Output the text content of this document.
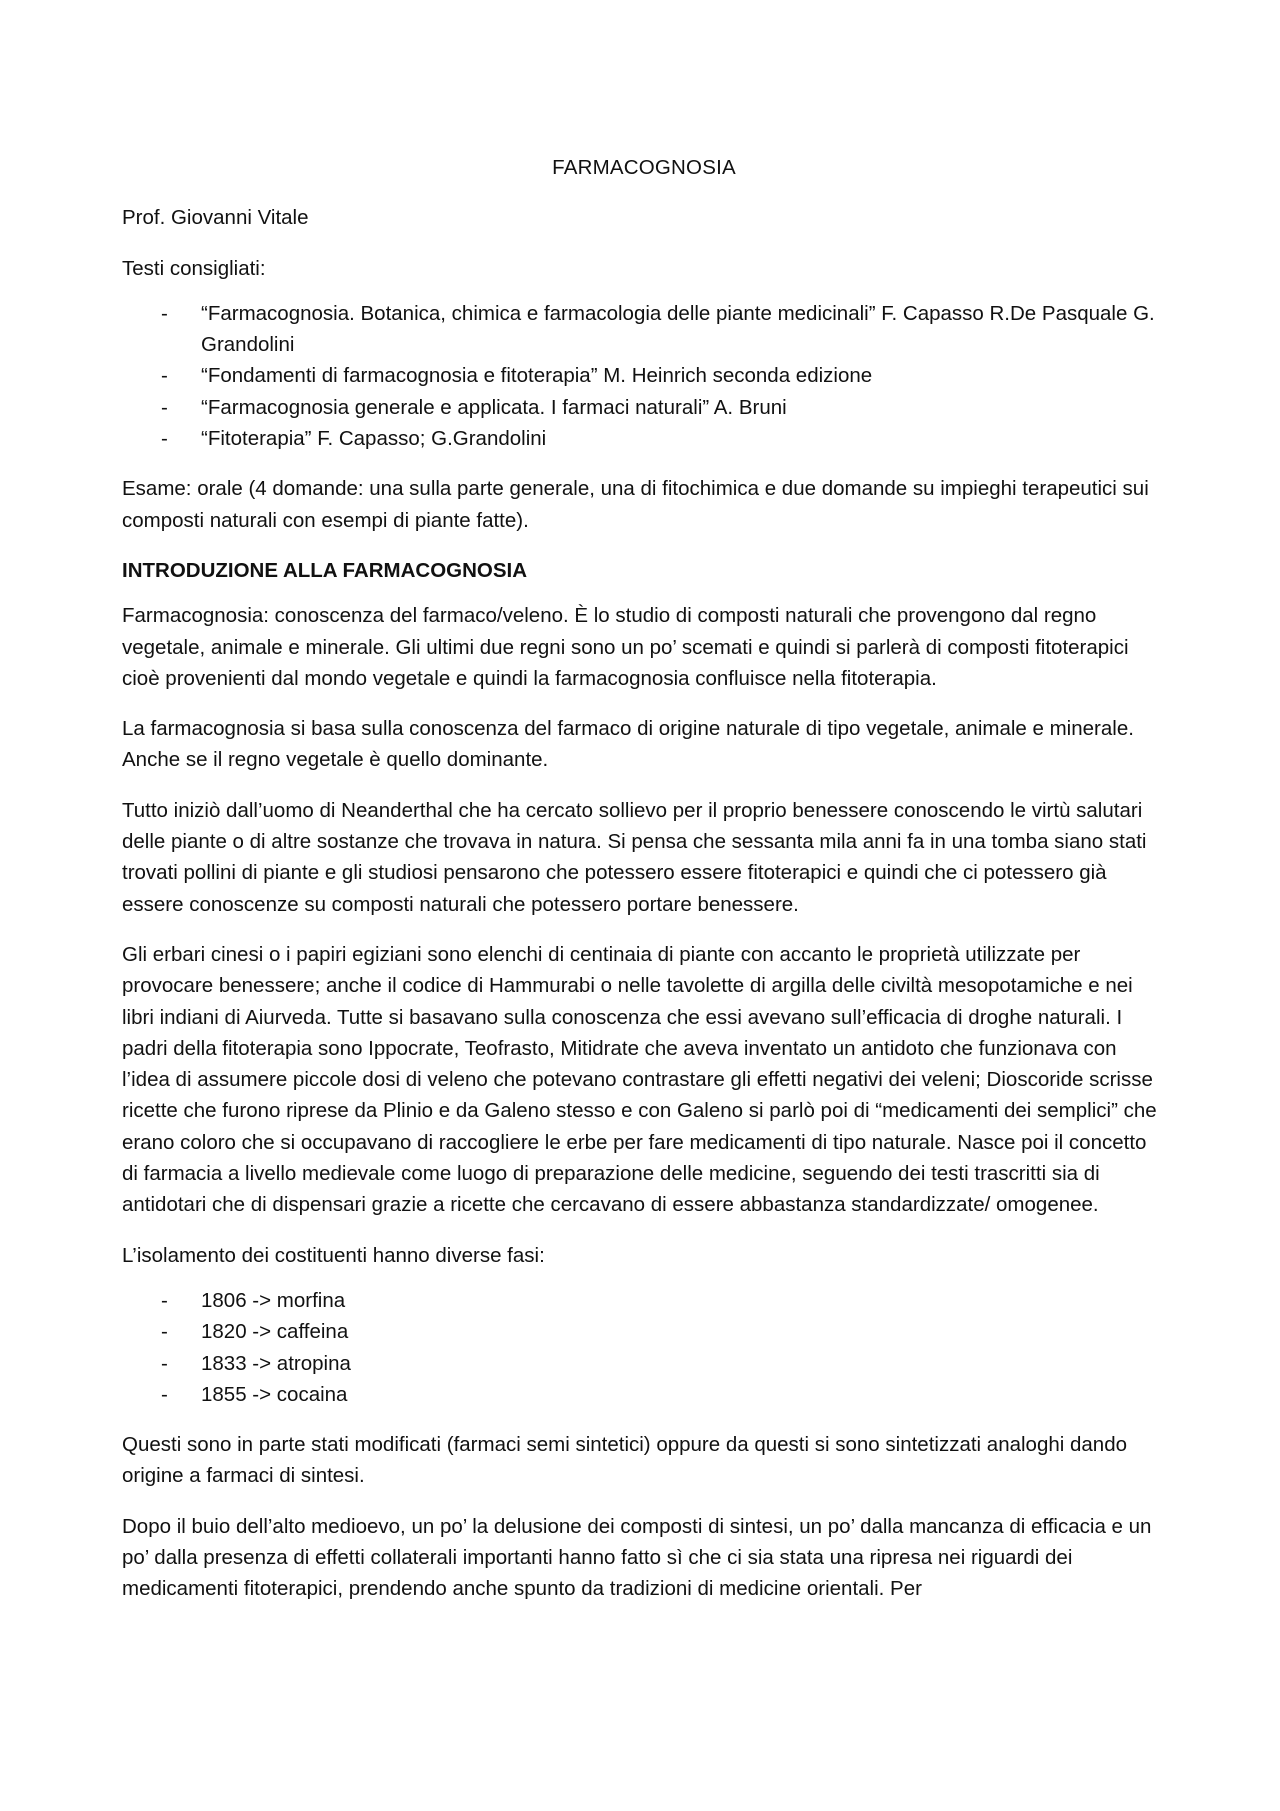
FARMACOGNOSIA

Prof. Giovanni Vitale

Testi consigliati:

- “Farmacognosia. Botanica, chimica e farmacologia delle piante medicinali” F. Capasso R.De Pasquale G. Grandolini
- “Fondamenti di farmacognosia e fitoterapia” M. Heinrich seconda edizione
- “Farmacognosia generale e applicata. I farmaci naturali” A. Bruni
- “Fitoterapia” F. Capasso; G.Grandolini

Esame: orale (4 domande: una sulla parte generale, una di fitochimica e due domande su impieghi terapeutici sui composti naturali con esempi di piante fatte).

INTRODUZIONE ALLA FARMACOGNOSIA

Farmacognosia: conoscenza del farmaco/veleno. È lo studio di composti naturali che provengono dal regno vegetale, animale e minerale. Gli ultimi due regni sono un po’ scemati e quindi si parlerà di composti fitoterapici cioè provenienti dal mondo vegetale e quindi la farmacognosia confluisce nella fitoterapia.

La farmacognosia si basa sulla conoscenza del farmaco di origine naturale di tipo vegetale, animale e minerale. Anche se il regno vegetale è quello dominante.

Tutto iniziò dall’uomo di Neanderthal che ha cercato sollievo per il proprio benessere conoscendo le virtù salutari delle piante o di altre sostanze che trovava in natura. Si pensa che sessanta mila anni fa in una tomba siano stati trovati pollini di piante e gli studiosi pensarono che potessero essere fitoterapici e quindi che ci potessero già essere conoscenze su composti naturali che potessero portare benessere.

Gli erbari cinesi o i papiri egiziani sono elenchi di centinaia di piante con accanto le proprietà utilizzate per provocare benessere; anche il codice di Hammurabi o nelle tavolette di argilla delle civiltà mesopotamiche e nei libri indiani di Aiurveda. Tutte si basavano sulla conoscenza che essi avevano sull’efficacia di droghe naturali. I padri della fitoterapia sono Ippocrate, Teofrasto, Mitidrate che aveva inventato un antidoto che funzionava con l’idea di assumere piccole dosi di veleno che potevano contrastare gli effetti negativi dei veleni; Dioscoride scrisse ricette che furono riprese da Plinio e da Galeno stesso e con Galeno si parlò poi di “medicamenti dei semplici” che erano coloro che si occupavano di raccogliere le erbe per fare medicamenti di tipo naturale. Nasce poi il concetto di farmacia a livello medievale come luogo di preparazione delle medicine, seguendo dei testi trascritti sia di antidotari che di dispensari grazie a ricette che cercavano di essere abbastanza standardizzate/ omogenee.

L’isolamento dei costituenti hanno diverse fasi:

- 1806 -> morfina
- 1820 -> caffeina
- 1833 -> atropina
- 1855 -> cocaina

Questi sono in parte stati modificati (farmaci semi sintetici) oppure da questi si sono sintetizzati analoghi dando origine a farmaci di sintesi.

Dopo il buio dell’alto medioevo, un po’ la delusione dei composti di sintesi, un po’ dalla mancanza di efficacia e un po’ dalla presenza di effetti collaterali importanti hanno fatto sì che ci sia stata una ripresa nei riguardi dei medicamenti fitoterapici, prendendo anche spunto da tradizioni di medicine orientali. Per
